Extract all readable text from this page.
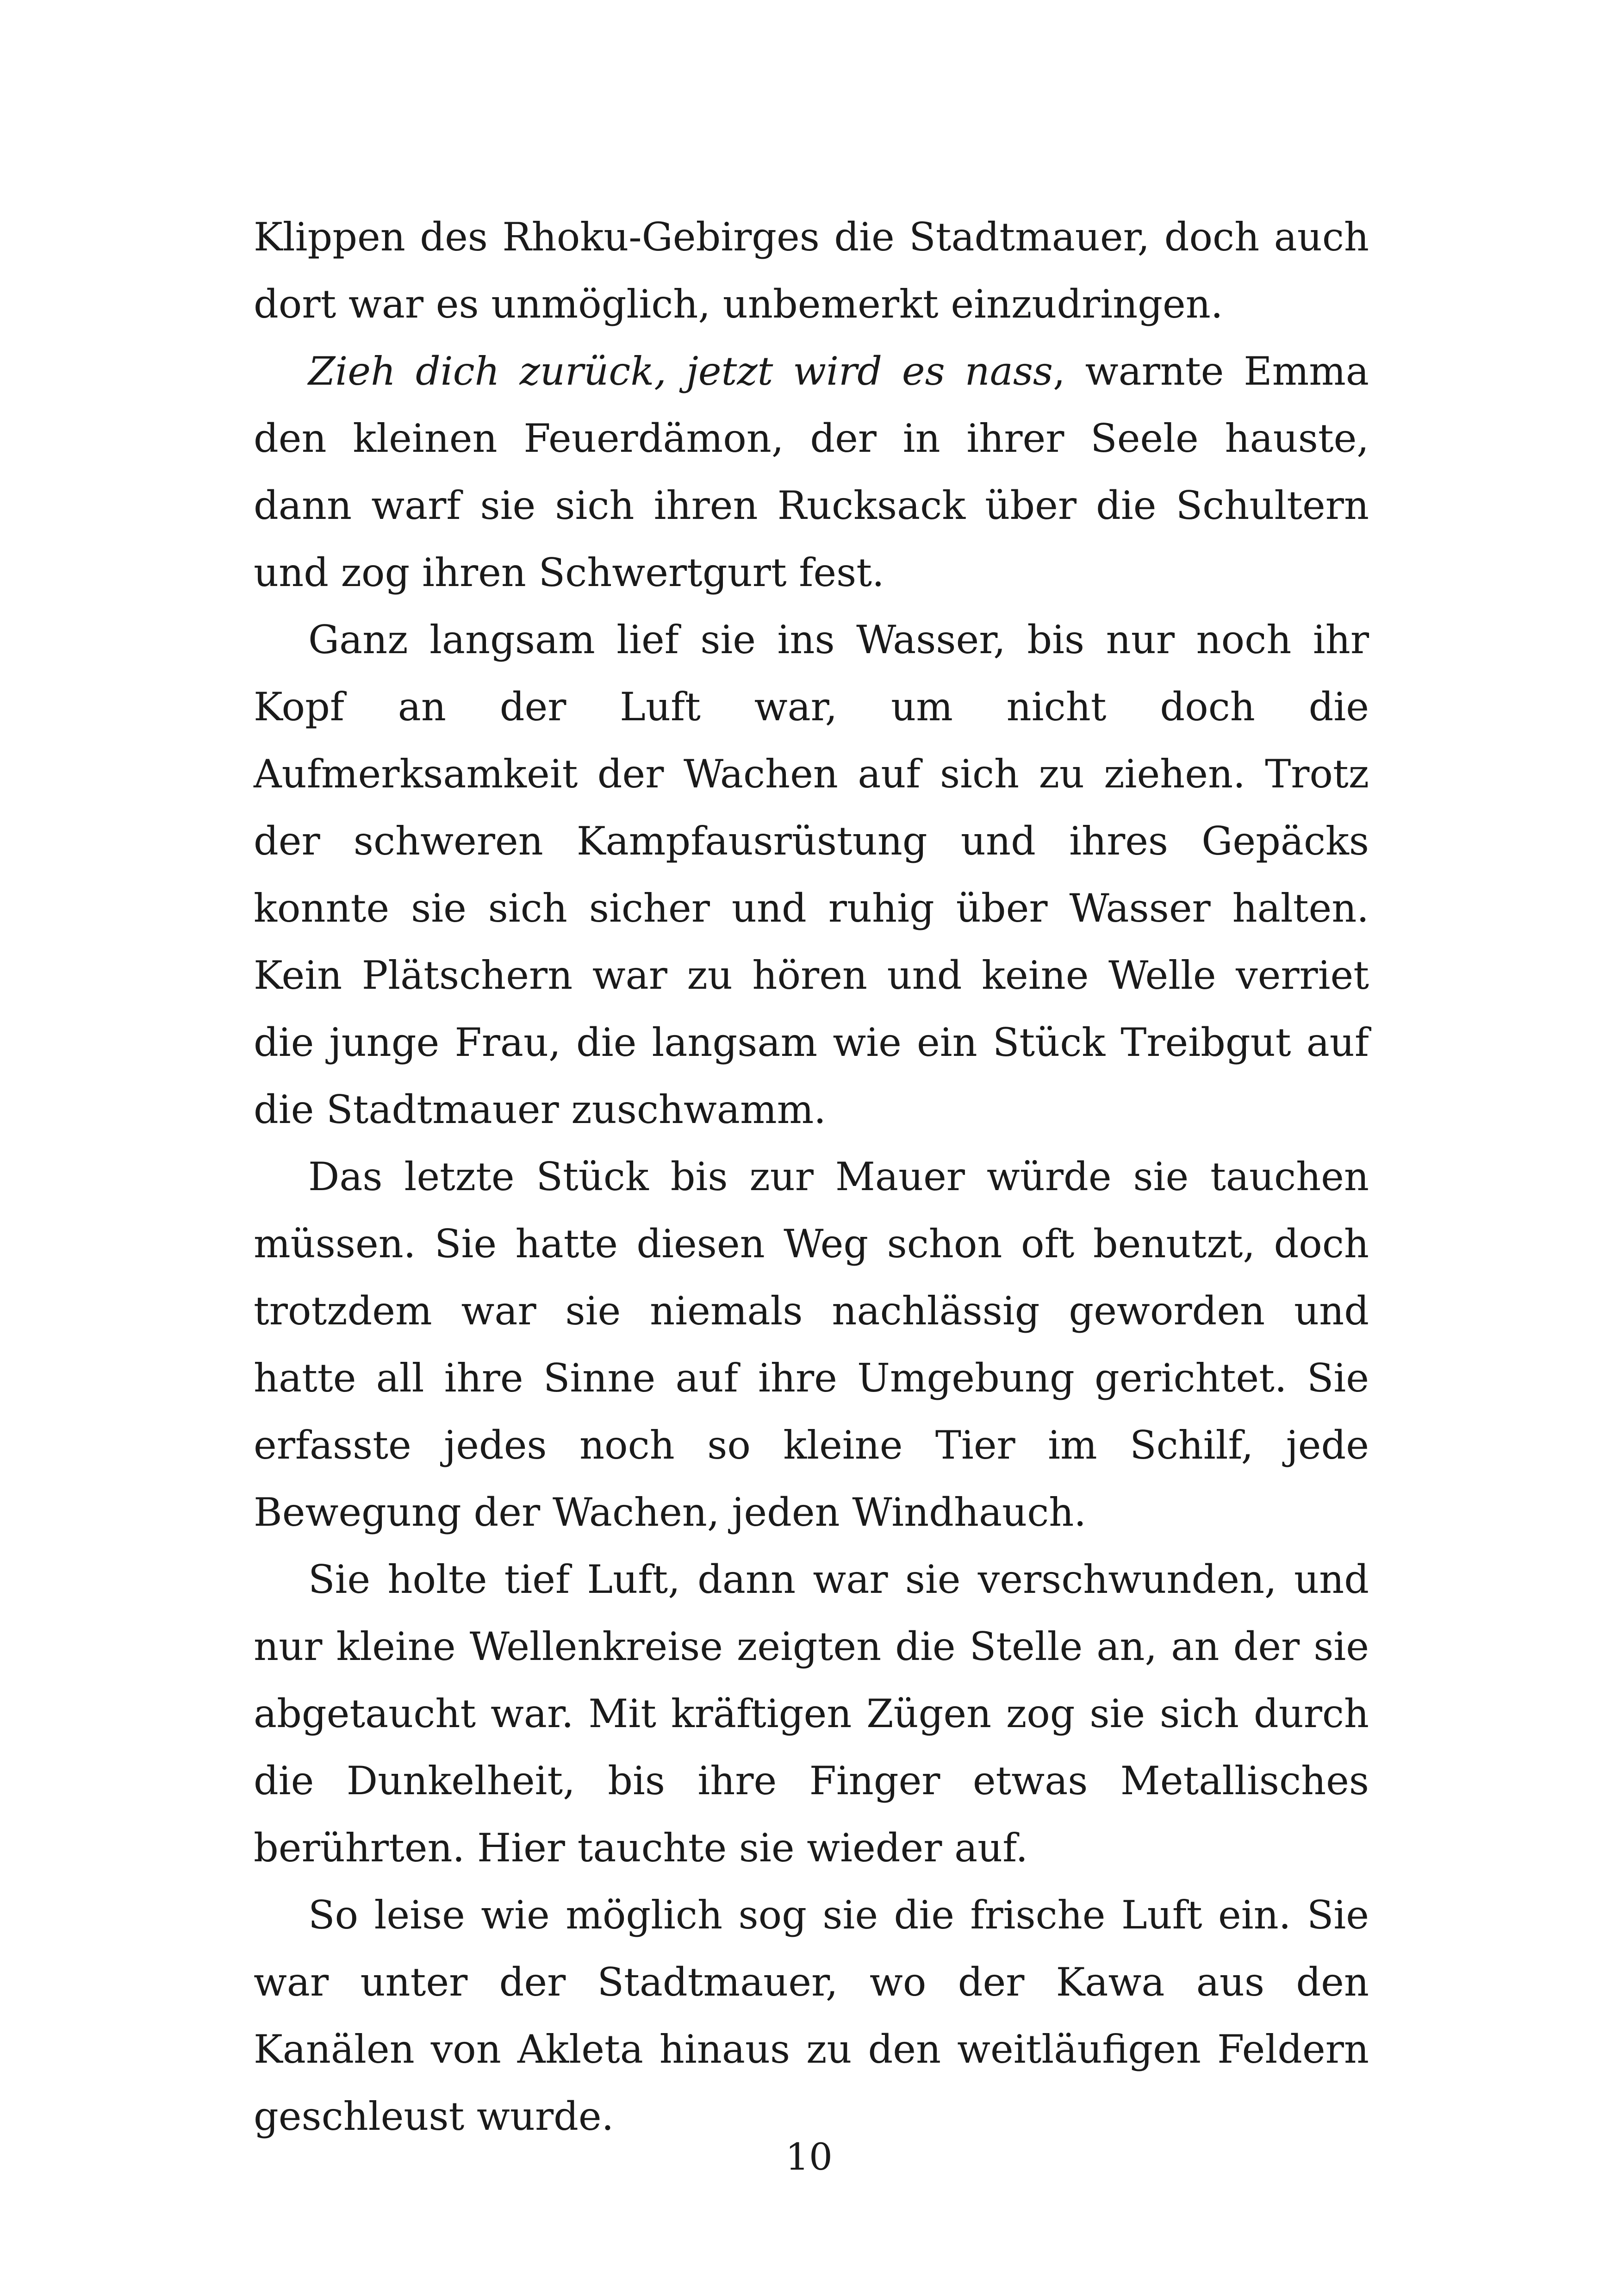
Klippen des Rhoku-Gebirges die Stadtmauer, doch auch dort war es unmöglich, unbemerkt einzudringen.

Zieh dich zurück, jetzt wird es nass, warnte Emma den kleinen Feuerdämon, der in ihrer Seele hauste, dann warf sie sich ihren Rucksack über die Schultern und zog ihren Schwertgurt fest.

Ganz langsam lief sie ins Wasser, bis nur noch ihr Kopf an der Luft war, um nicht doch die Aufmerksamkeit der Wachen auf sich zu ziehen. Trotz der schweren Kampfausrüstung und ihres Gepäcks konnte sie sich sicher und ruhig über Wasser halten. Kein Plätschern war zu hören und keine Welle verriet die junge Frau, die langsam wie ein Stück Treibgut auf die Stadtmauer zuschwamm.

Das letzte Stück bis zur Mauer würde sie tauchen müssen. Sie hatte diesen Weg schon oft benutzt, doch trotzdem war sie niemals nachlässig geworden und hatte all ihre Sinne auf ihre Umgebung gerichtet. Sie erfasste jedes noch so kleine Tier im Schilf, jede Bewegung der Wachen, jeden Windhauch.

Sie holte tief Luft, dann war sie verschwunden, und nur kleine Wellenkreise zeigten die Stelle an, an der sie abgetaucht war. Mit kräftigen Zügen zog sie sich durch die Dunkelheit, bis ihre Finger etwas Metallisches berührten. Hier tauchte sie wieder auf.

So leise wie möglich sog sie die frische Luft ein. Sie war unter der Stadtmauer, wo der Kawa aus den Kanälen von Akleta hinaus zu den weitläufigen Feldern geschleust wurde.

10
